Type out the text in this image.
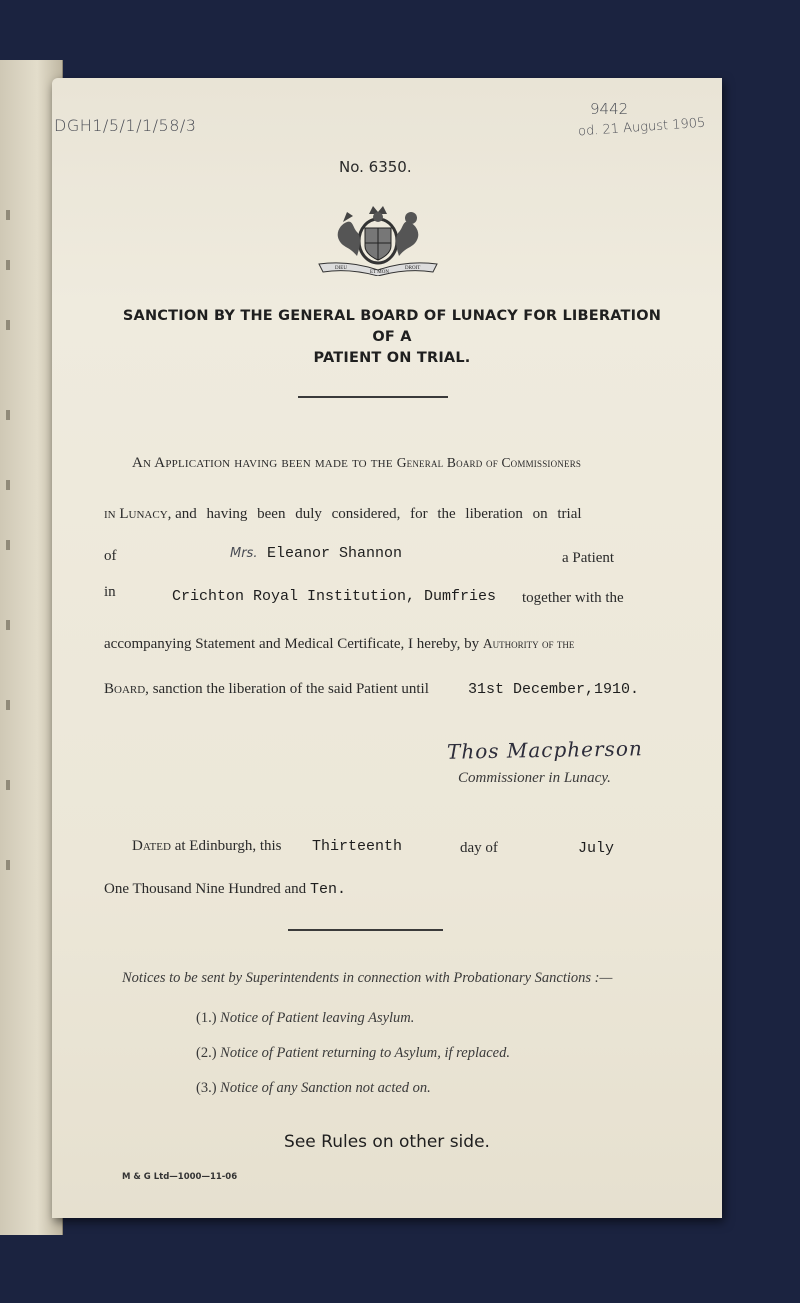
DGH1/5/1/1/58/3
9442
od. 21 August 1905
No. 6350.
DIEU
ET MON
DROIT
SANCTION BY THE GENERAL BOARD OF LUNACY FOR LIBERATION OF A
PATIENT ON TRIAL.
An Application having been made to the General Board of Commissioners
in Lunacy, and having been duly considered, for the liberation on trial
of	Mrs. Eleanor Shannon	a Patient
in	Crichton Royal Institution, Dumfries together with the
accompanying Statement and Medical Certificate, I hereby, by Authority of the
Board, sanction the liberation of the said Patient until	31st December,1910.
Thos Macpherson
Commissioner in Lunacy.
Dated at Edinburgh, this Thirteenth	day of	July
One Thousand Nine Hundred and Ten.
Notices to be sent by Superintendents in connection with Probationary Sanctions :—
(1.) Notice of Patient leaving Asylum.
(2.) Notice of Patient returning to Asylum, if replaced.
(3.) Notice of any Sanction not acted on.
See Rules on other side.
M & G Ltd—1000—11-06
